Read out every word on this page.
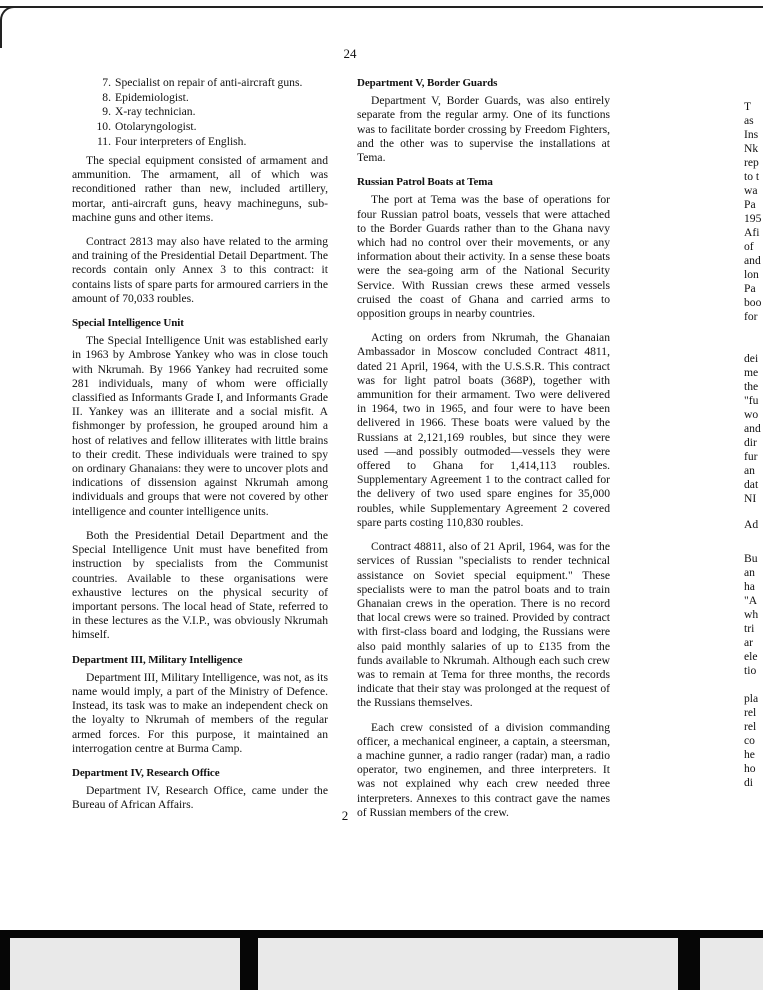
24
7. Specialist on repair of anti-aircraft guns.
8. Epidemiologist.
9. X-ray technician.
10. Otolaryngologist.
11. Four interpreters of English.

The special equipment consisted of armament and ammunition. The armament, all of which was reconditioned rather than new, included artillery, mortar, anti-aircraft guns, heavy machineguns, sub-machine guns and other items.

Contract 2813 may also have related to the arming and training of the Presidential Detail Department. The records contain only Annex 3 to this contract: it contains lists of spare parts for armoured carriers in the amount of 70,033 roubles.

Special Intelligence Unit

The Special Intelligence Unit was established early in 1963 by Ambrose Yankey who was in close touch with Nkrumah. By 1966 Yankey had recruited some 281 individuals, many of whom were officially classified as Informants Grade I, and Informants Grade II. Yankey was an illiterate and a social misfit. A fishmonger by profession, he grouped around him a host of relatives and fellow illiterates with little brains to their credit. These individuals were trained to spy on ordinary Ghanaians: they were to uncover plots and indications of dissension against Nkrumah among individuals and groups that were not covered by other intelligence and counter intelligence units.

Both the Presidential Detail Department and the Special Intelligence Unit must have benefited from instruction by specialists from the Communist countries. Available to these organisations were exhaustive lectures on the physical security of important persons. The local head of State, referred to in these lectures as the V.I.P., was obviously Nkrumah himself.

Department III, Military Intelligence

Department III, Military Intelligence, was not, as its name would imply, a part of the Ministry of Defence. Instead, its task was to make an independent check on the loyalty to Nkrumah of members of the regular armed forces. For this purpose, it maintained an interrogation centre at Burma Camp.

Department IV, Research Office

Department IV, Research Office, came under the Bureau of African Affairs.

Department V, Border Guards

Department V, Border Guards, was also entirely separate from the regular army. One of its functions was to facilitate border crossing by Freedom Fighters, and the other was to supervise the installations at Tema.

Russian Patrol Boats at Tema

The port at Tema was the base of operations for four Russian patrol boats, vessels that were attached to the Border Guards rather than to the Ghana navy which had no control over their movements, or any information about their activity. In a sense these boats were the sea-going arm of the National Security Service. With Russian crews these armed vessels cruised the coast of Ghana and carried arms to opposition groups in nearby countries.

Acting on orders from Nkrumah, the Ghanaian Ambassador in Moscow concluded Contract 4811, dated 21 April, 1964, with the U.S.S.R. This contract was for light patrol boats (368P), together with ammunition for their armament. Two were delivered in 1964, two in 1965, and four were to have been delivered in 1966. These boats were valued by the Russians at 2,121,169 roubles, but since they were used —and possibly outmoded—vessels they were offered to Ghana for 1,414,113 roubles. Supplementary Agreement 1 to the contract called for the delivery of two used spare engines for 35,000 roubles, while Supplementary Agreement 2 covered spare parts costing 110,830 roubles.

Contract 48811, also of 21 April, 1964, was for the services of Russian "specialists to render technical assistance on Soviet special equipment." These specialists were to man the patrol boats and to train Ghanaian crews in the operation. There is no record that local crews were so trained. Provided by contract with first-class board and lodging, the Russians were also paid monthly salaries of up to £135 from the funds available to Nkrumah. Although each such crew was to remain at Tema for three months, the records indicate that their stay was prolonged at the request of the Russians themselves.

Each crew consisted of a division commanding officer, a mechanical engineer, a captain, a steersman, a machine gunner, a radio ranger (radar) man, a radio operator, two enginemen, and three interpreters. It was not explained why each crew needed three interpreters. Annexes to this contract gave the names of Russian members of the crew.

T
as
Ins
Nk
rep
to t
wa
Pa
195
Afi
of
and
lon
Pa
boo
for
dei
me
the
"fu
wo
and
dir
fur
an
dat
NI
Ad
Bu
an
ha
"A
wh
tri
ar
ele
tio
pla
rel
rel
co
he
ho
di
2
